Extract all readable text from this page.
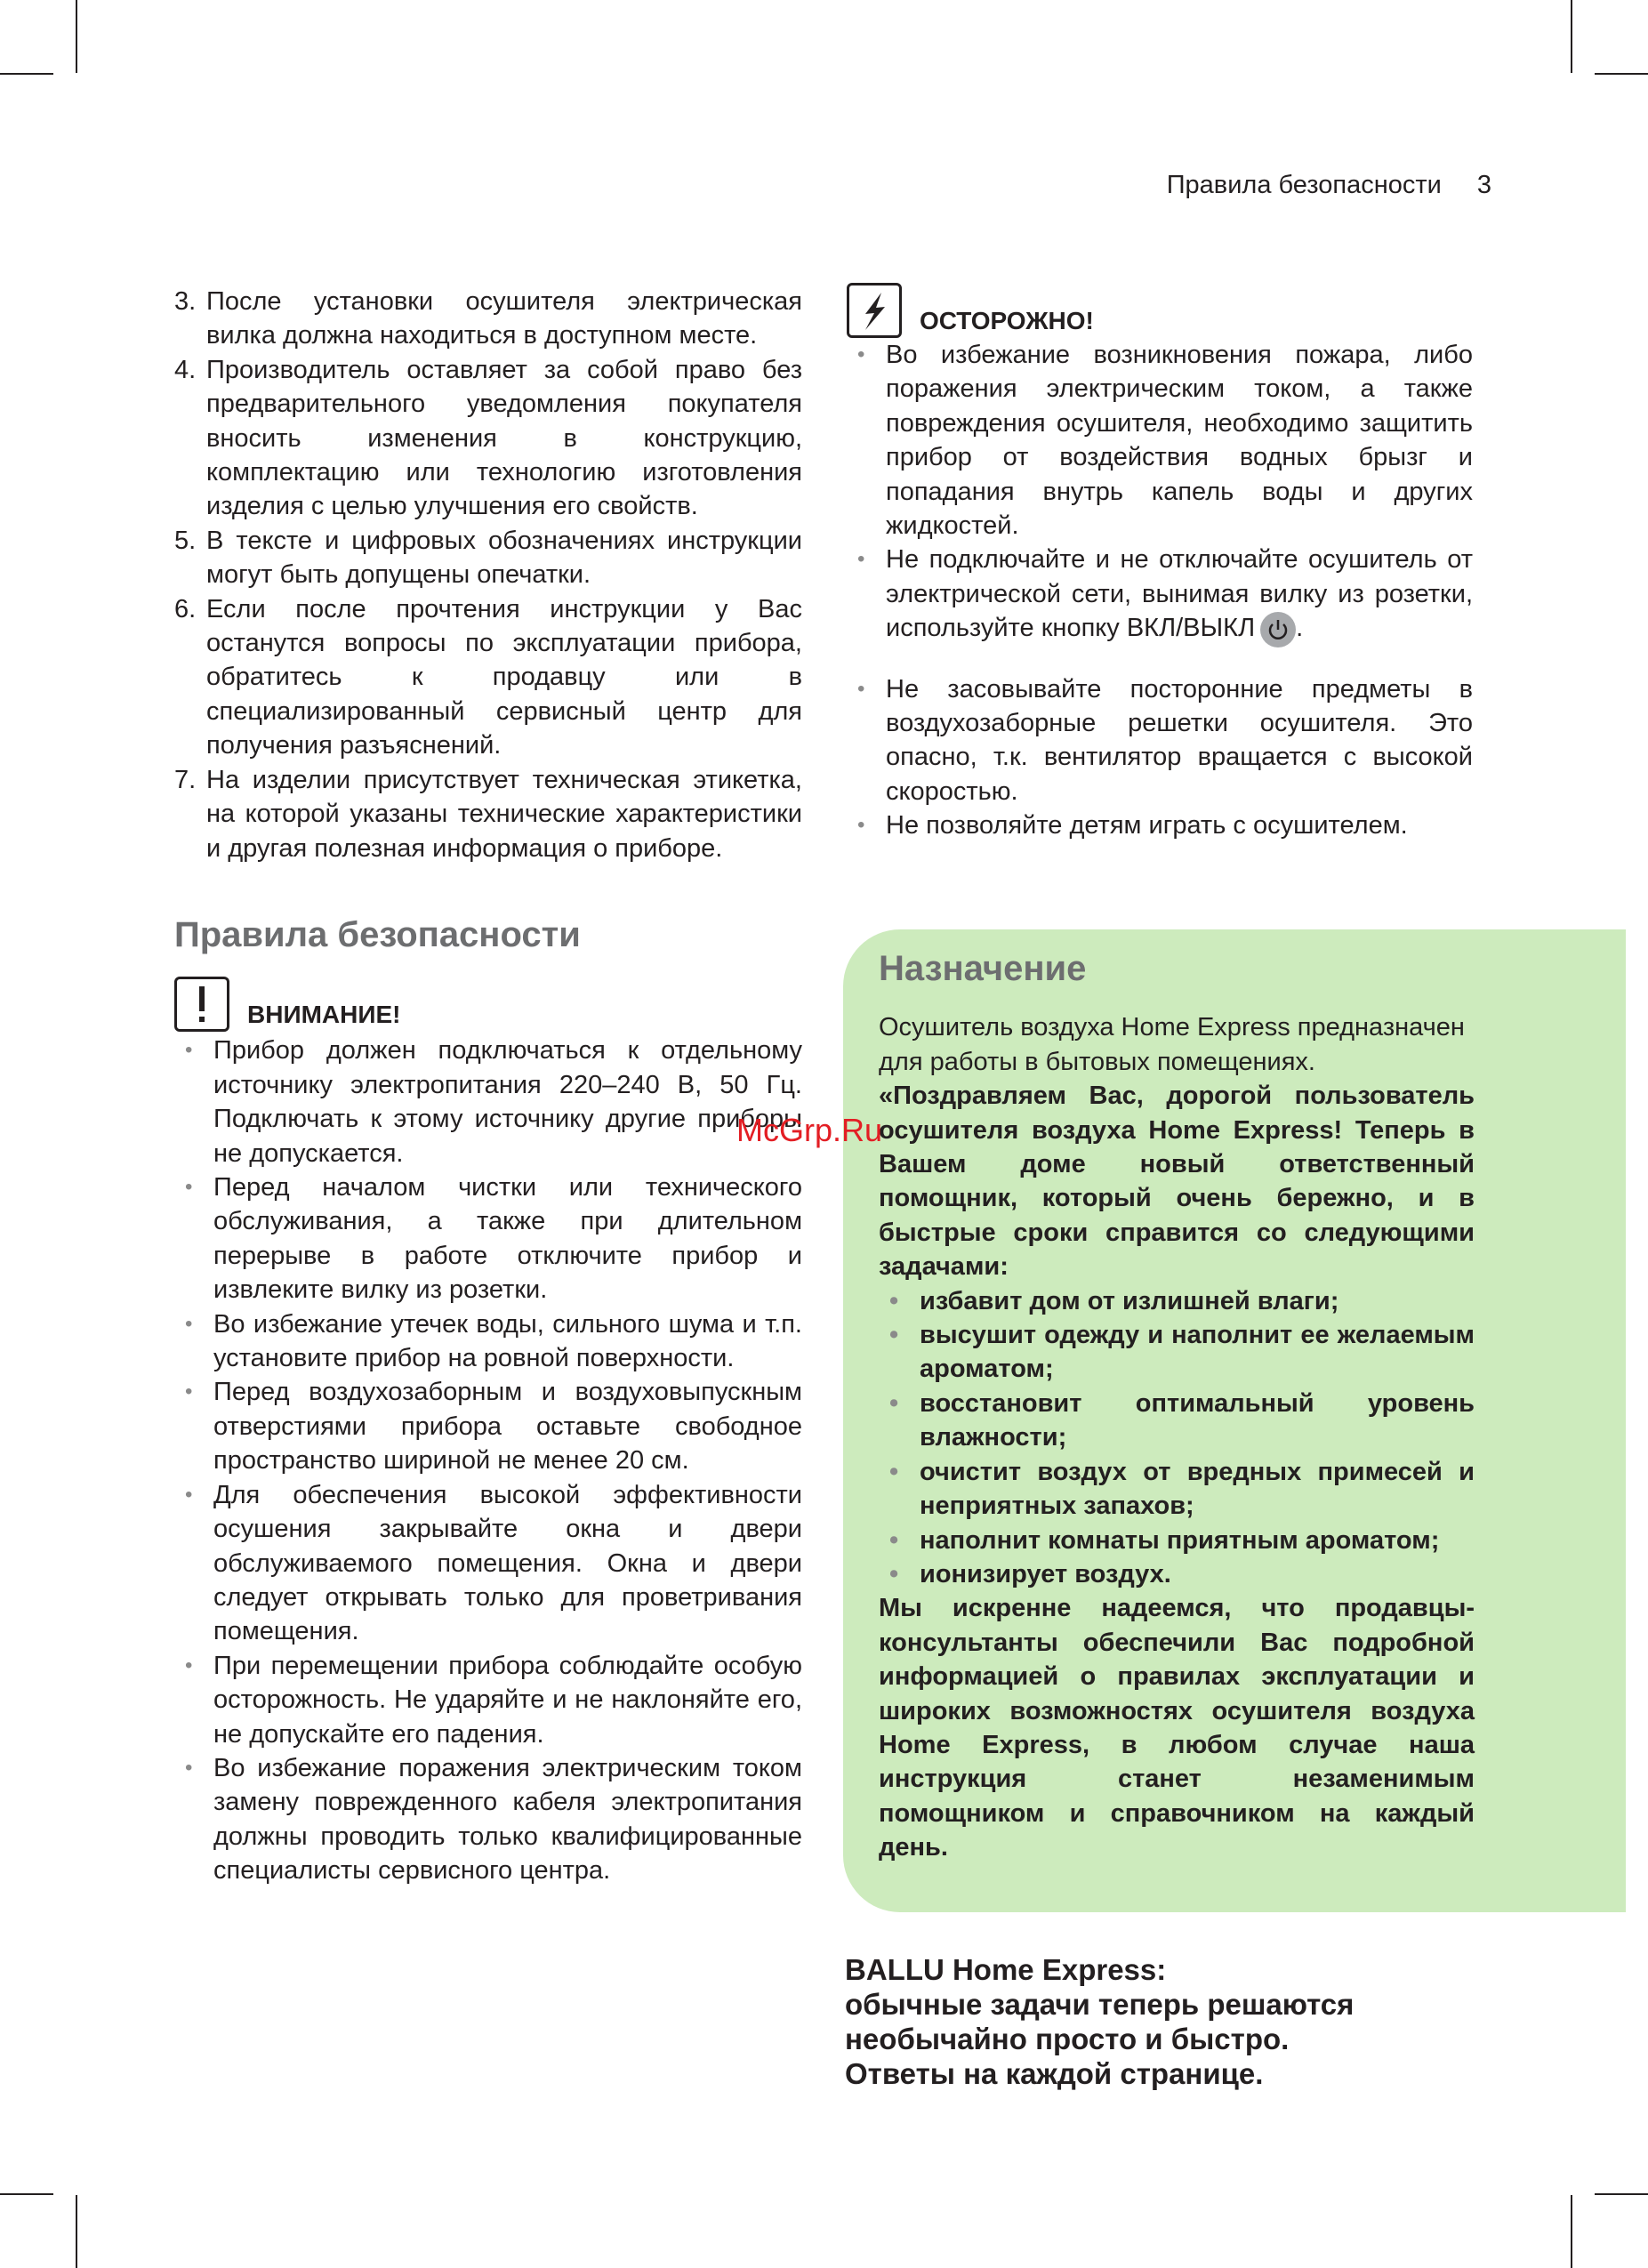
Правила безопасности 3
3. После установки осушителя электрическая вилка должна находиться в доступном месте.
4. Производитель оставляет за собой право без предварительного уведомления покупателя вносить изменения в конструкцию, комплектацию или технологию изготовления изделия с целью улучшения его свойств.
5. В тексте и цифровых обозначениях инструкции могут быть допущены опечатки.
6. Если после прочтения инструкции у Вас останутся вопросы по эксплуатации прибора, обратитесь к продавцу или в специализированный сервисный центр для получения разъяснений.
7. На изделии присутствует техническая этикетка, на которой указаны технические характеристики и другая полезная информация о приборе.
Правила безопасности
ВНИМАНИЕ!
• Прибор должен подключаться к отдельному источнику электропитания 220–240 В, 50 Гц. Подключать к этому источнику другие приборы не допускается.
• Перед началом чистки или технического обслуживания, а также при длительном перерыве в работе отключите прибор и извлеките вилку из розетки.
• Во избежание утечек воды, сильного шума и т.п. установите прибор на ровной поверхности.
• Перед воздухозаборным и воздуховыпускным отверстиями прибора оставьте свободное пространство шириной не менее 20 см.
• Для обеспечения высокой эффективности осушения закрывайте окна и двери обслуживаемого помещения. Окна и двери следует открывать только для проветривания помещения.
• При перемещении прибора соблюдайте особую осторожность. Не ударяйте и не наклоняйте его, не допускайте его падения.
• Во избежание поражения электрическим током замену поврежденного кабеля электропитания должны проводить только квалифицированные специалисты сервисного центра.
ОСТОРОЖНО!
• Во избежание возникновения пожара, либо поражения электрическим током, а также повреждения осушителя, необходимо защитить прибор от воздействия водных брызг и попадания внутрь капель воды и других жидкостей.
• Не подключайте и не отключайте осушитель от электрической сети, вынимая вилку из розетки, используйте кнопку ВКЛ/ВЫКЛ .
• Не засовывайте посторонние предметы в воздухозаборные решетки осушителя. Это опасно, т.к. вентилятор вращается с высокой скоростью.
• Не позволяйте детям играть с осушителем.
Назначение

Осушитель воздуха Home Express предназначен для работы в бытовых помещениях.

«Поздравляем Вас, дорогой пользователь осушителя воздуха Home Express! Теперь в Вашем доме новый ответственный помощник, который очень бережно, и в быстрые сроки справится со следующими задачами:

• избавит дом от излишней влаги;
• высушит одежду и наполнит ее желаемым ароматом;
• восстановит оптимальный уровень влажности;
• очистит воздух от вредных примесей и неприятных запахов;
• наполнит комнаты приятным ароматом;
• ионизирует воздух.

Мы искренне надеемся, что продавцы-консультанты обеспечили Вас подробной информацией о правилах эксплуатации и широких возможностях осушителя воздуха Home Express, в любом случае наша инструкция станет незаменимым помощником и справочником на каждый день.

BALLU Home Express:
обычные задачи теперь решаются
необычайно просто и быстро.
Ответы на каждой странице.
McGrp.Ru
